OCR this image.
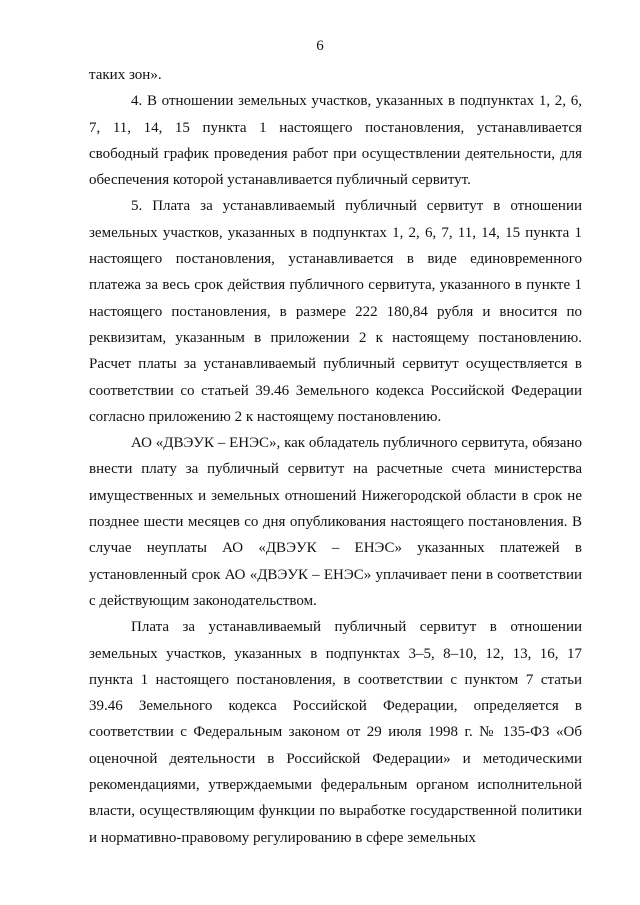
6

таких зон».

4. В отношении земельных участков, указанных в подпунктах 1, 2, 6, 7, 11, 14, 15 пункта 1 настоящего постановления, устанавливается свободный график проведения работ при осуществлении деятельности, для обеспечения которой устанавливается публичный сервитут.

5. Плата за устанавливаемый публичный сервитут в отношении земельных участков, указанных в подпунктах 1, 2, 6, 7, 11, 14, 15 пункта 1 настоящего постановления, устанавливается в виде единовременного платежа за весь срок действия публичного сервитута, указанного в пункте 1 настоящего постановления, в размере 222 180,84 рубля и вносится по реквизитам, указанным в приложении 2 к настоящему постановлению. Расчет платы за устанавливаемый публичный сервитут осуществляется в соответствии со статьей 39.46 Земельного кодекса Российской Федерации согласно приложению 2 к настоящему постановлению.

АО «ДВЭУК – ЕНЭС», как обладатель публичного сервитута, обязано внести плату за публичный сервитут на расчетные счета министерства имущественных и земельных отношений Нижегородской области в срок не позднее шести месяцев со дня опубликования настоящего постановления. В случае неуплаты АО «ДВЭУК – ЕНЭС» указанных платежей в установленный срок АО «ДВЭУК – ЕНЭС» уплачивает пени в соответствии с действующим законодательством.

Плата за устанавливаемый публичный сервитут в отношении земельных участков, указанных в подпунктах 3–5, 8–10, 12, 13, 16, 17 пункта 1 настоящего постановления, в соответствии с пунктом 7 статьи 39.46 Земельного кодекса Российской Федерации, определяется в соответствии с Федеральным законом от 29 июля 1998 г. № 135-ФЗ «Об оценочной деятельности в Российской Федерации» и методическими рекомендациями, утверждаемыми федеральным органом исполнительной власти, осуществляющим функции по выработке государственной политики и нормативно-правовому регулированию в сфере земельных
